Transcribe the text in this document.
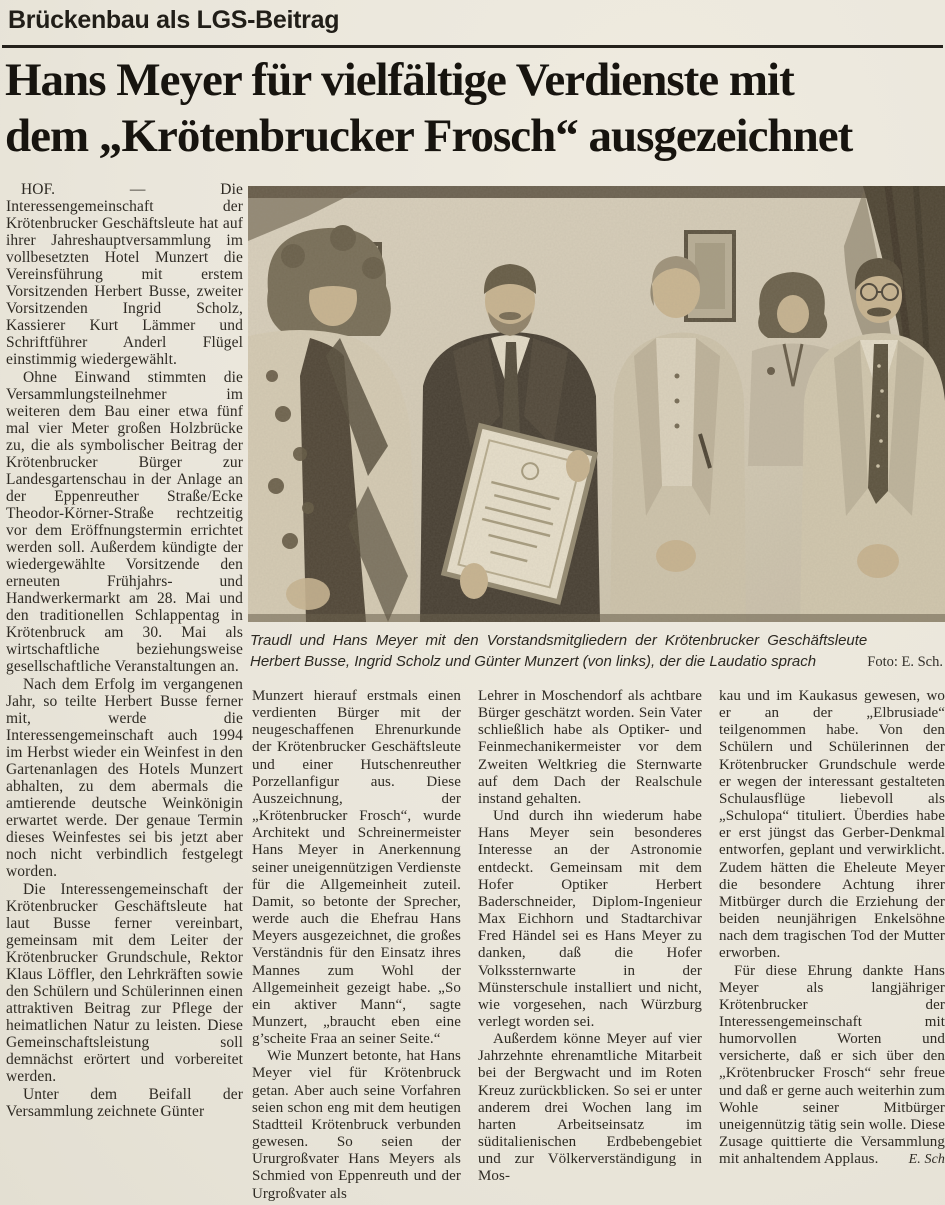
Brückenbau als LGS-Beitrag
Hans Meyer für vielfältige Verdienste mit
dem „Krötenbrucker Frosch“ ausgezeichnet

HOF. — Die Interessengemeinschaft der Krötenbrucker Geschäftsleute hat auf ihrer Jahreshauptversammlung im vollbesetzten Hotel Munzert die Vereinsführung mit erstem Vorsitzenden Herbert Busse, zweiter Vorsitzenden Ingrid Scholz, Kassierer Kurt Lämmer und Schriftführer Anderl Flügel einstimmig wiedergewählt.

Ohne Einwand stimmten die Versammlungsteilnehmer im weiteren dem Bau einer etwa fünf mal vier Meter großen Holzbrücke zu, die als symbolischer Beitrag der Krötenbrucker Bürger zur Landesgartenschau in der Anlage an der Eppenreuther Straße/Ecke Theodor-Körner-Straße rechtzeitig vor dem Eröffnungstermin errichtet werden soll. Außerdem kündigte der wiedergewählte Vorsitzende den erneuten Frühjahrs- und Handwerkermarkt am 28. Mai und den traditionellen Schlappentag in Krötenbruck am 30. Mai als wirtschaftliche beziehungsweise gesellschaftliche Veranstaltungen an.

Nach dem Erfolg im vergangenen Jahr, so teilte Herbert Busse ferner mit, werde die Interessengemeinschaft auch 1994 im Herbst wieder ein Weinfest in den Gartenanlagen des Hotels Munzert abhalten, zu dem abermals die amtierende deutsche Weinkönigin erwartet werde. Der genaue Termin dieses Weinfestes sei bis jetzt aber noch nicht verbindlich festgelegt worden.

Die Interessengemeinschaft der Krötenbrucker Geschäftsleute hat laut Busse ferner vereinbart, gemeinsam mit dem Leiter der Krötenbrucker Grundschule, Rektor Klaus Löffler, den Lehrkräften sowie den Schülern und Schülerinnen einen attraktiven Beitrag zur Pflege der heimatlichen Natur zu leisten. Diese Gemeinschaftsleistung soll demnächst erörtert und vorbereitet werden.

Unter dem Beifall der Versammlung zeichnete Günter

Foto: E. Sch.
Traudl und Hans Meyer mit den Vorstandsmitgliedern der Krötenbrucker Geschäftsleute Herbert Busse, Ingrid Scholz und Günter Munzert (von links), der die Laudatio sprach

Munzert hierauf erstmals einen verdienten Bürger mit der neugeschaffenen Ehrenurkunde der Krötenbrucker Geschäftsleute und einer Hutschenreuther Porzellanfigur aus. Diese Auszeichnung, der „Krötenbrucker Frosch“, wurde Architekt und Schreinermeister Hans Meyer in Anerkennung seiner uneigennützigen Verdienste für die Allgemeinheit zuteil. Damit, so betonte der Sprecher, werde auch die Ehefrau Hans Meyers ausgezeichnet, die großes Verständnis für den Einsatz ihres Mannes zum Wohl der Allgemeinheit gezeigt habe. „So ein aktiver Mann“, sagte Munzert, „braucht eben eine g’scheite Fraa an seiner Seite.“

Wie Munzert betonte, hat Hans Meyer viel für Krötenbruck getan. Aber auch seine Vorfahren seien schon eng mit dem heutigen Stadtteil Krötenbruck verbunden gewesen. So seien der Ururgroßvater Hans Meyers als Schmied von Eppenreuth und der Urgroßvater als

Lehrer in Moschendorf als achtbare Bürger geschätzt worden. Sein Vater schließlich habe als Optiker- und Feinmechanikermeister vor dem Zweiten Weltkrieg die Sternwarte auf dem Dach der Realschule instand gehalten.

Und durch ihn wiederum habe Hans Meyer sein besonderes Interesse an der Astronomie entdeckt. Gemeinsam mit dem Hofer Optiker Herbert Baderschneider, Diplom-Ingenieur Max Eichhorn und Stadtarchivar Fred Händel sei es Hans Meyer zu danken, daß die Hofer Volkssternwarte in der Münsterschule installiert und nicht, wie vorgesehen, nach Würzburg verlegt worden sei.

Außerdem könne Meyer auf vier Jahrzehnte ehrenamtliche Mitarbeit bei der Bergwacht und im Roten Kreuz zurückblicken. So sei er unter anderem drei Wochen lang im harten Arbeitseinsatz im süditalienischen Erdbebengebiet und zur Völkerverständigung in Mos-

kau und im Kaukasus gewesen, wo er an der „Elbrusiade“ teilgenommen habe. Von den Schülern und Schülerinnen der Krötenbrucker Grundschule werde er wegen der interessant gestalteten Schulausflüge liebevoll als „Schulopa“ tituliert. Überdies habe er erst jüngst das Gerber-Denkmal entworfen, geplant und verwirklicht. Zudem hätten die Eheleute Meyer die besondere Achtung ihrer Mitbürger durch die Erziehung der beiden neunjährigen Enkelsöhne nach dem tragischen Tod der Mutter erworben.

Für diese Ehrung dankte Hans Meyer als langjähriger Krötenbrucker der Interessengemeinschaft mit humorvollen Worten und versicherte, daß er sich über den „Krötenbrucker Frosch“ sehr freue und daß er gerne auch weiterhin zum Wohle seiner Mitbürger uneigennützig tätig sein wolle. Diese Zusage quittierte die Versammlung mit anhaltendem Applaus.	E. Sch
